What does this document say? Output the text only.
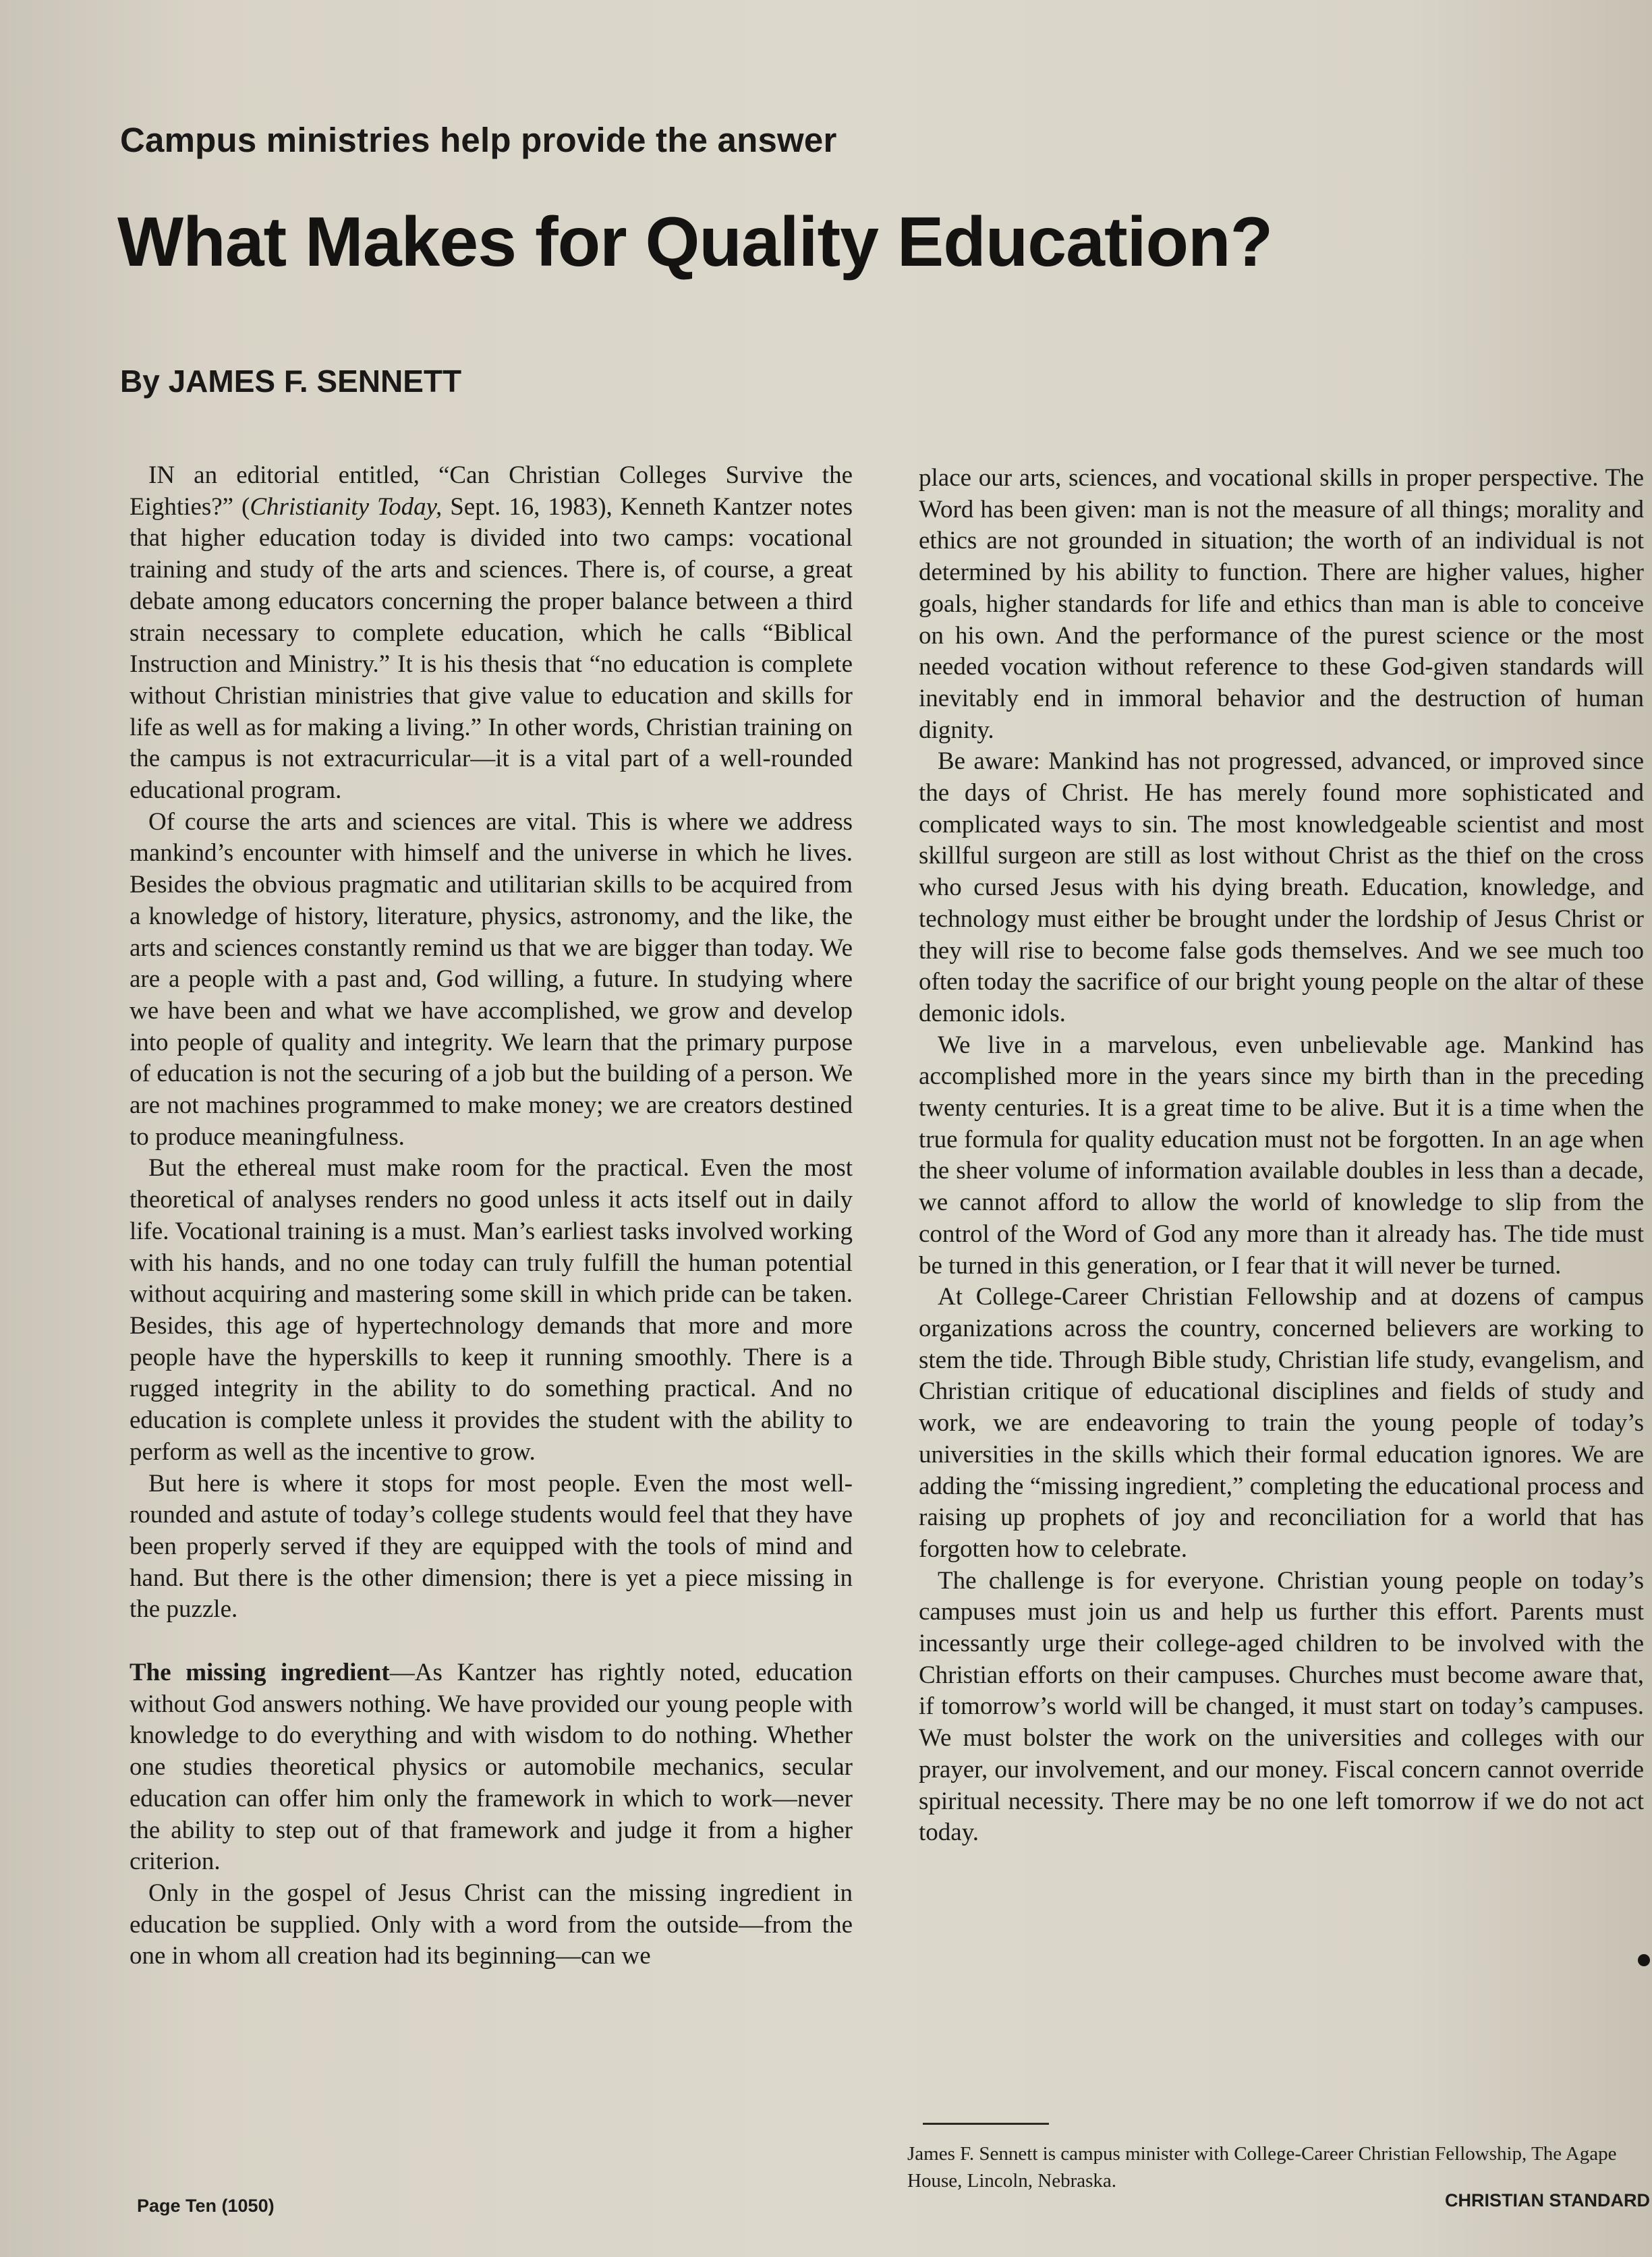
Campus ministries help provide the answer
What Makes for Quality Education?
By JAMES F. SENNETT

IN an editorial entitled, “Can Christian Colleges Survive the Eighties?” (Christianity Today, Sept. 16, 1983), Kenneth Kantzer notes that higher education today is divided into two camps: vocational training and study of the arts and sciences. There is, of course, a great debate among educators concerning the proper balance between a third strain necessary to complete education, which he calls “Biblical Instruction and Ministry.” It is his thesis that “no education is complete without Christian ministries that give value to education and skills for life as well as for making a living.” In other words, Christian training on the campus is not extracurricular—it is a vital part of a well-rounded educational program.

Of course the arts and sciences are vital. This is where we address mankind’s encounter with himself and the universe in which he lives. Besides the obvious pragmatic and utilitarian skills to be acquired from a knowledge of history, literature, physics, astronomy, and the like, the arts and sciences constantly remind us that we are bigger than today. We are a people with a past and, God willing, a future. In studying where we have been and what we have accomplished, we grow and develop into people of quality and integrity. We learn that the primary purpose of education is not the securing of a job but the building of a person. We are not machines programmed to make money; we are creators destined to produce meaningfulness.

But the ethereal must make room for the practical. Even the most theoretical of analyses renders no good unless it acts itself out in daily life. Vocational training is a must. Man’s earliest tasks involved working with his hands, and no one today can truly fulfill the human potential without acquiring and mastering some skill in which pride can be taken. Besides, this age of hypertechnology demands that more and more people have the hyperskills to keep it running smoothly. There is a rugged integrity in the ability to do something practical. And no education is complete unless it provides the student with the ability to perform as well as the incentive to grow.

But here is where it stops for most people. Even the most well-rounded and astute of today’s college students would feel that they have been properly served if they are equipped with the tools of mind and hand. But there is the other dimension; there is yet a piece missing in the puzzle.

The missing ingredient—As Kantzer has rightly noted, education without God answers nothing. We have provided our young people with knowledge to do everything and with wisdom to do nothing. Whether one studies theoretical physics or automobile mechanics, secular education can offer him only the framework in which to work—never the ability to step out of that framework and judge it from a higher criterion.

Only in the gospel of Jesus Christ can the missing ingredient in education be supplied. Only with a word from the outside—from the one in whom all creation had its beginning—can we

place our arts, sciences, and vocational skills in proper perspective. The Word has been given: man is not the measure of all things; morality and ethics are not grounded in situation; the worth of an individual is not determined by his ability to function. There are higher values, higher goals, higher standards for life and ethics than man is able to conceive on his own. And the performance of the purest science or the most needed vocation without reference to these God-given standards will inevitably end in immoral behavior and the destruction of human dignity.

Be aware: Mankind has not progressed, advanced, or improved since the days of Christ. He has merely found more sophisticated and complicated ways to sin. The most knowledgeable scientist and most skillful surgeon are still as lost without Christ as the thief on the cross who cursed Jesus with his dying breath. Education, knowledge, and technology must either be brought under the lordship of Jesus Christ or they will rise to become false gods themselves. And we see much too often today the sacrifice of our bright young people on the altar of these demonic idols.

We live in a marvelous, even unbelievable age. Mankind has accomplished more in the years since my birth than in the preceding twenty centuries. It is a great time to be alive. But it is a time when the true formula for quality education must not be forgotten. In an age when the sheer volume of information available doubles in less than a decade, we cannot afford to allow the world of knowledge to slip from the control of the Word of God any more than it already has. The tide must be turned in this generation, or I fear that it will never be turned.

At College-Career Christian Fellowship and at dozens of campus organizations across the country, concerned believers are working to stem the tide. Through Bible study, Christian life study, evangelism, and Christian critique of educational disciplines and fields of study and work, we are endeavoring to train the young people of today’s universities in the skills which their formal education ignores. We are adding the “missing ingredient,” completing the educational process and raising up prophets of joy and reconciliation for a world that has forgotten how to celebrate.

The challenge is for everyone. Christian young people on today’s campuses must join us and help us further this effort. Parents must incessantly urge their college-aged children to be involved with the Christian efforts on their campuses. Churches must become aware that, if tomorrow’s world will be changed, it must start on today’s campuses. We must bolster the work on the universities and colleges with our prayer, our involvement, and our money. Fiscal concern cannot override spiritual necessity. There may be no one left tomorrow if we do not act today.

James F. Sennett is campus minister with College-Career Christian Fellowship, The Agape House, Lincoln, Nebraska.
Page Ten (1050)	CHRISTIAN STANDARD
